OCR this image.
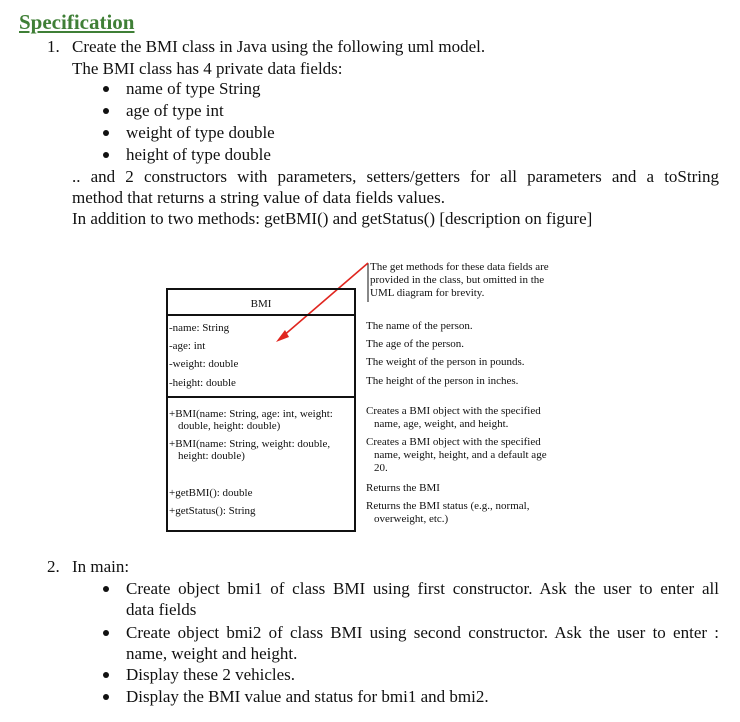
Specification
1. Create the BMI class in Java using the following uml model.
The BMI class has 4 private data fields:
name of type String
age of type int
weight of type double
height of type double
.. and 2 constructors with parameters, setters/getters for all parameters and a toString
method that returns a string value of data fields values.
In addition to two methods: getBMI() and getStatus() [description on figure]
The get methods for these data fields are
provided in the class, but omitted in the
UML diagram for brevity.
BMI
-name: String
-age: int
-weight: double
-height: double
+BMI(name: String, age: int, weight:
double, height: double)
+BMI(name: String, weight: double,
height: double)
+getBMI(): double
+getStatus(): String
The name of the person.
The age of the person.
The weight of the person in pounds.
The height of the person in inches.
Creates a BMI object with the specified
name, age, weight, and height.
Creates a BMI object with the specified
name, weight, height, and a default age
20.
Returns the BMI
Returns the BMI status (e.g., normal,
overweight, etc.)
2. In main:
Create object bmi1 of class BMI using first constructor. Ask the user to enter all
data fields
Create object bmi2 of class BMI using second constructor. Ask the user to enter :
name, weight and height.
Display these 2 vehicles.
Display the BMI value and status for bmi1 and bmi2.
